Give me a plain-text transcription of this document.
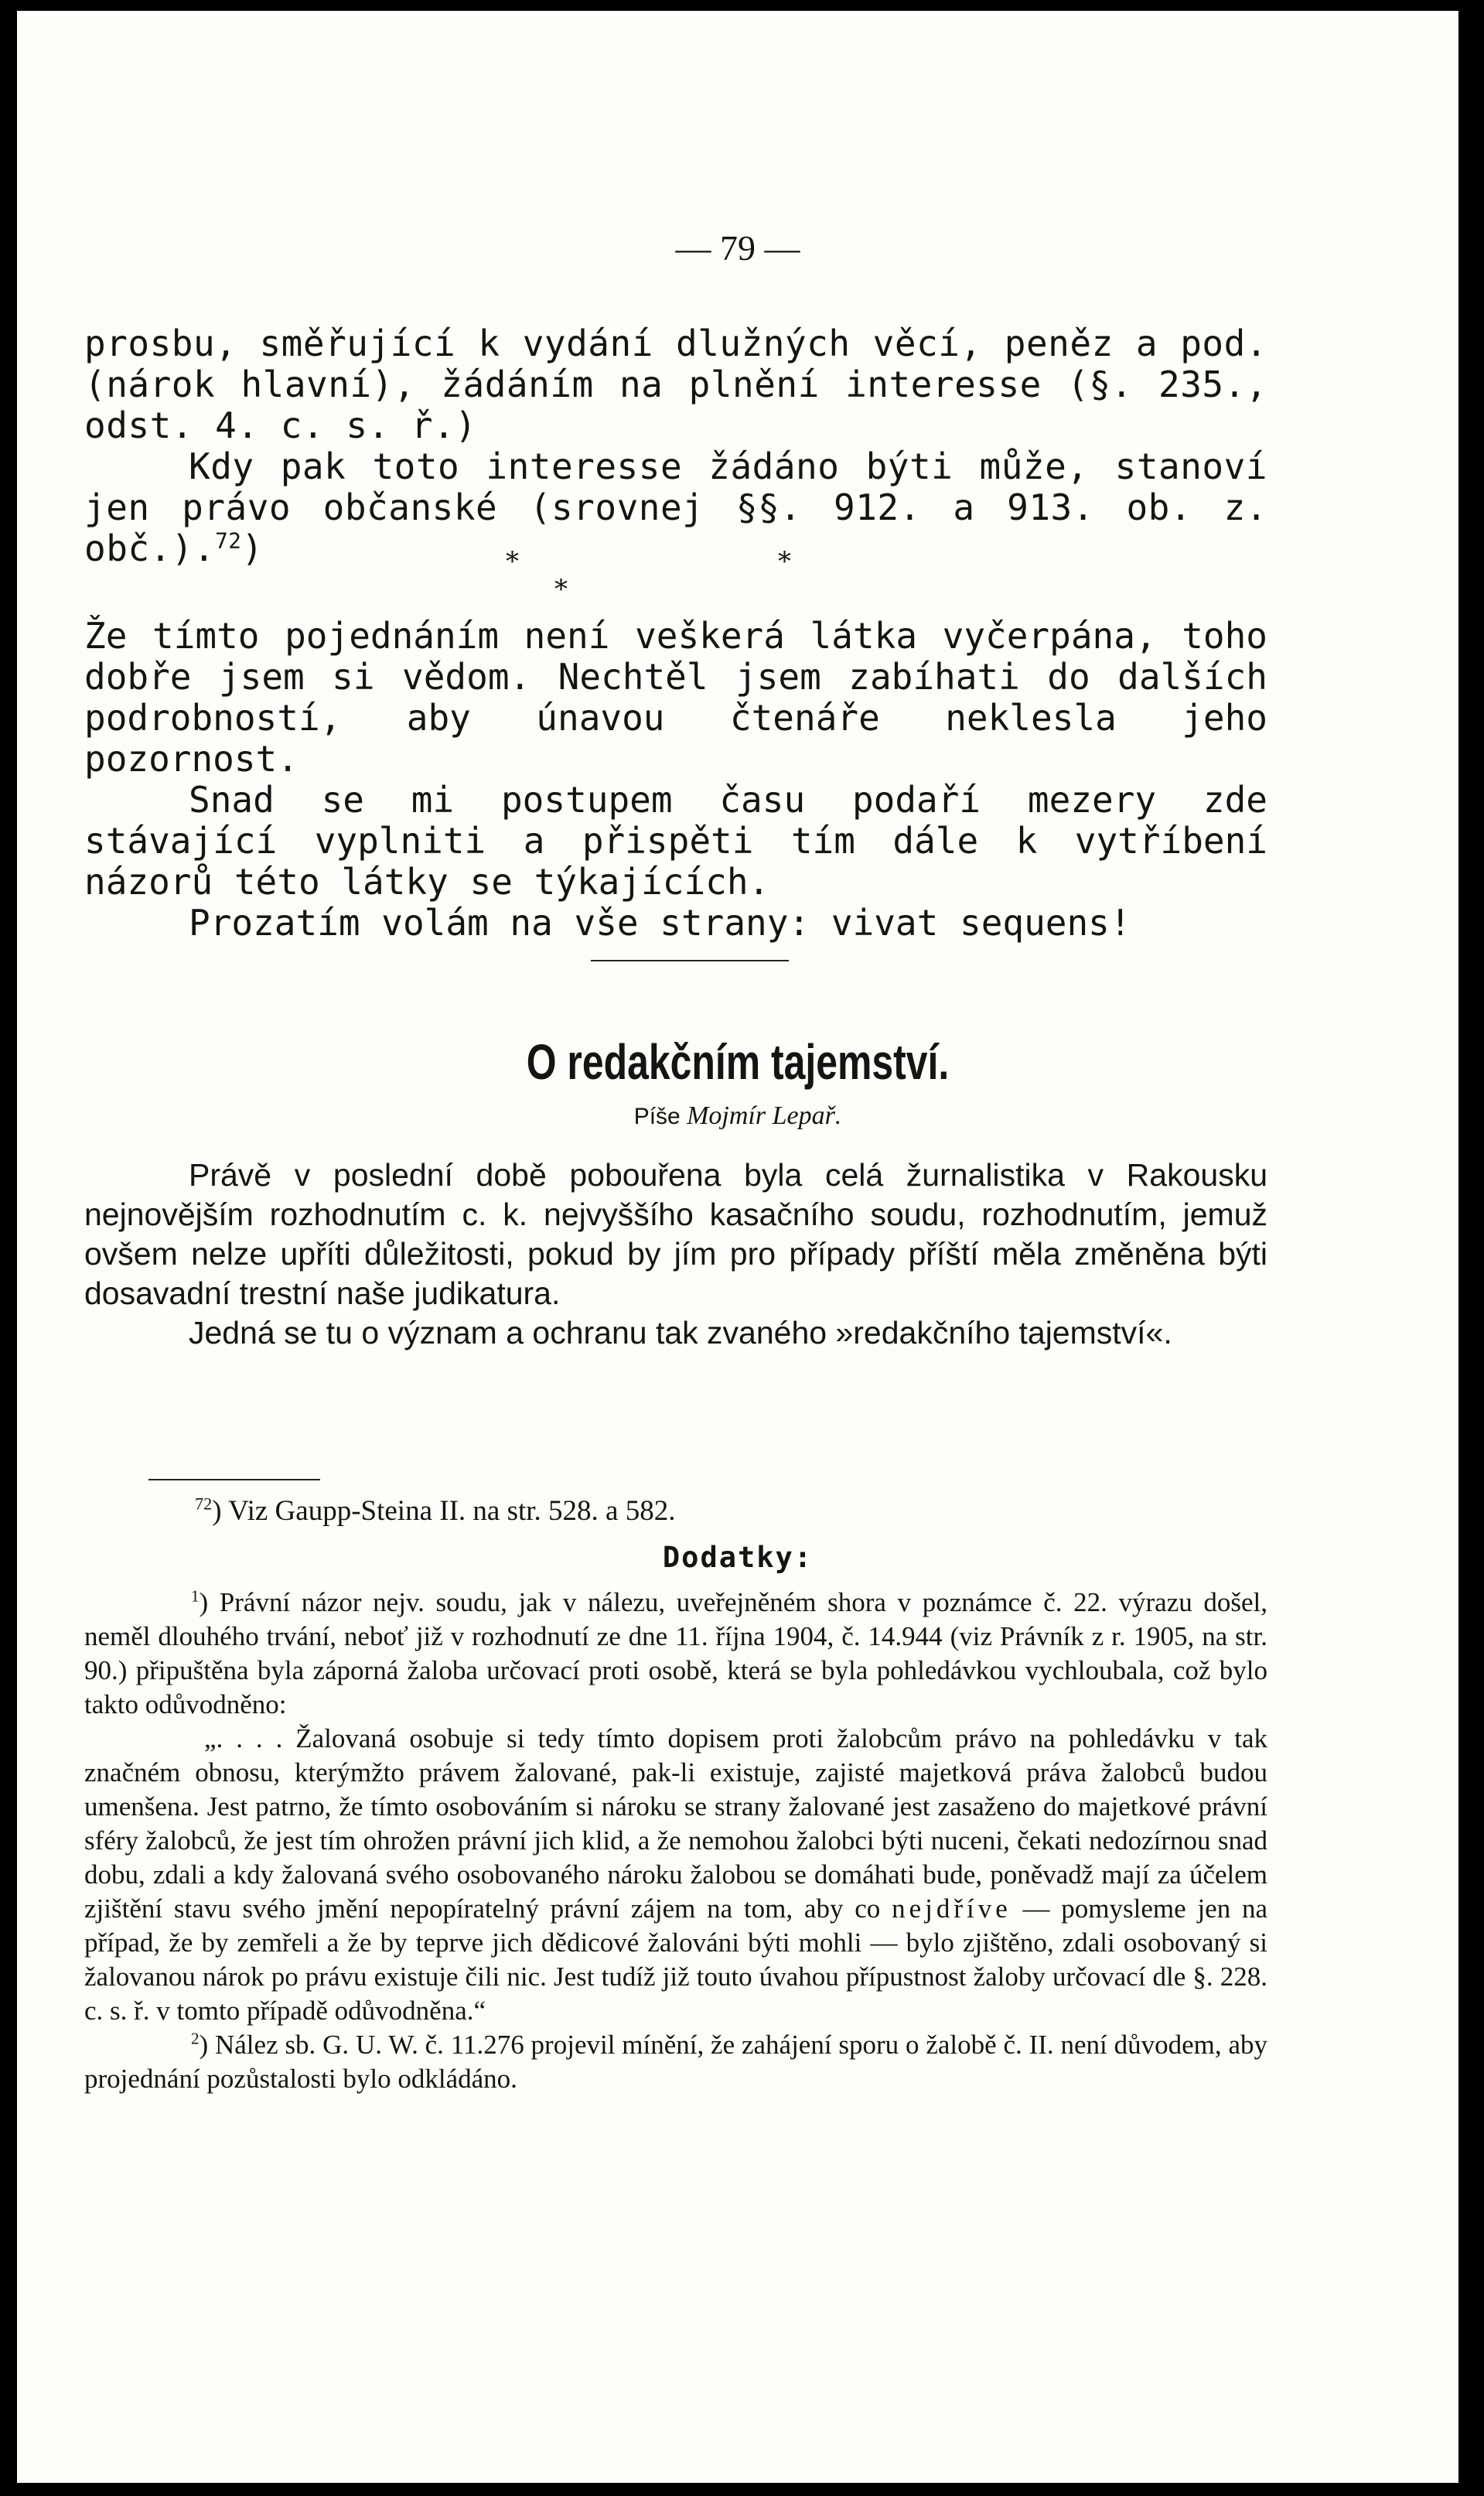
— 79 —

prosbu, směřující k vydání dlužných věcí, peněz a pod. (nárok hlavní), žádáním na plnění interesse (§. 235., odst. 4. c. s. ř.)

Kdy pak toto interesse žádáno býti může, stanoví jen právo občanské (srovnej §§. 912. a 913. ob. z. obč.).$^{72}$)	*
*
*

Že tímto pojednáním není veškerá látka vyčerpána, toho dobře jsem si vědom. Nechtěl jsem zabíhati do dalších podrobností, aby únavou čtenáře neklesla jeho pozornost.

Snad se mi postupem času podaří mezery zde stávající vyplniti a přispěti tím dále k vytříbení názorů této látky se týkajících.

Prozatím volám na vše strany: vivat sequens!

O redakčním tajemství.
Píše Mojmír Lepař.

Právě v poslední době pobouřena byla celá žurnalistika v Rakousku nejnovějším rozhodnutím c. k. nejvyššího kasačního soudu, rozhodnutím, jemuž ovšem nelze upříti důležitosti, pokud by jím pro případy příští měla změněna býti dosavadní trestní naše judikatura.

Jedná se tu o význam a ochranu tak zvaného »redakčního tajemství«.

$^{72}$) Viz Gaupp-Steina II. na str. 528. a 582.
Dodatky:

$^1$) Právní názor nejv. soudu, jak v nálezu, uveřejněném shora v poznámce č. 22. výrazu došel, neměl dlouhého trvání, neboť již v rozhodnutí ze dne 11. října 1904, č. 14.944 (viz Právník z r. 1905, na str. 90.) připuštěna byla záporná žaloba určovací proti osobě, která se byla pohledávkou vychloubala, což bylo takto odůvodněno:

„. . . . Žalovaná osobuje si tedy tímto dopisem proti žalobcům právo na pohledávku v tak značném obnosu, kterýmžto právem žalované, pak-li existuje, zajisté majetková práva žalobců budou umenšena. Jest patrno, že tímto osobováním si nároku se strany žalované jest zasaženo do majetkové právní sféry žalobců, že jest tím ohrožen právní jich klid, a že nemohou žalobci býti nuceni, čekati nedozírnou snad dobu, zdali a kdy žalovaná svého osobovaného nároku žalobou se domáhati bude, poněvadž mají za účelem zjištění stavu svého jmění nepopíratelný právní zájem na tom, aby co nejdříve — pomysleme jen na případ, že by zemřeli a že by teprve jich dědicové žalováni býti mohli — bylo zjištěno, zdali osobovaný si žalovanou nárok po právu existuje čili nic. Jest tudíž již touto úvahou přípustnost žaloby určovací dle §. 228. c. s. ř. v tomto případě odůvodněna.“

$^2$) Nález sb. G. U. W. č. 11.276 projevil mínění, že zahájení sporu o žalobě č. II. není důvodem, aby projednání pozůstalosti bylo odkládáno.
